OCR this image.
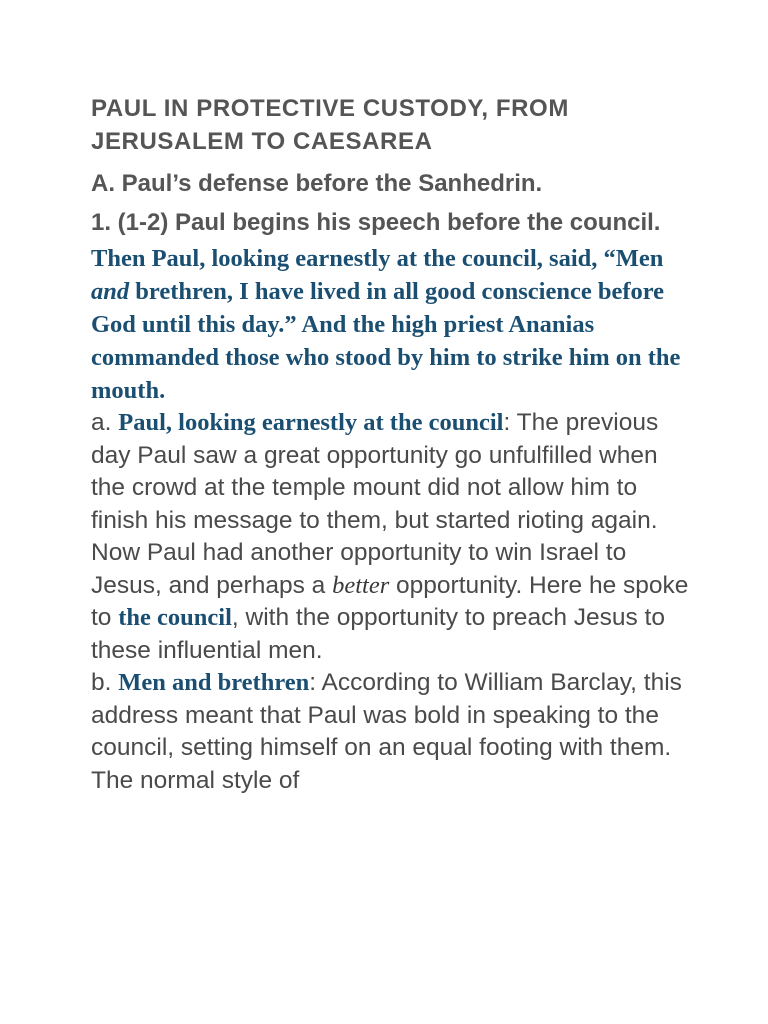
PAUL IN PROTECTIVE CUSTODY, FROM
JERUSALEM TO CAESAREA
A. Paul’s defense before the Sanhedrin.
1. (1-2) Paul begins his speech before the council.

Then Paul, looking earnestly at the council, said, “Men and brethren, I have lived in all good conscience before God until this day.” And the high priest Ananias commanded those who stood by him to strike him on the mouth.

a. Paul, looking earnestly at the council: The previous day Paul saw a great opportunity go unfulfilled when the crowd at the temple mount did not allow him to finish his message to them, but started rioting again. Now Paul had another opportunity to win Israel to Jesus, and perhaps a better opportunity. Here he spoke to the council, with the opportunity to preach Jesus to these influential men.

b. Men and brethren: According to William Barclay, this address meant that Paul was bold in speaking to the council, setting himself on an equal footing with them. The normal style of
